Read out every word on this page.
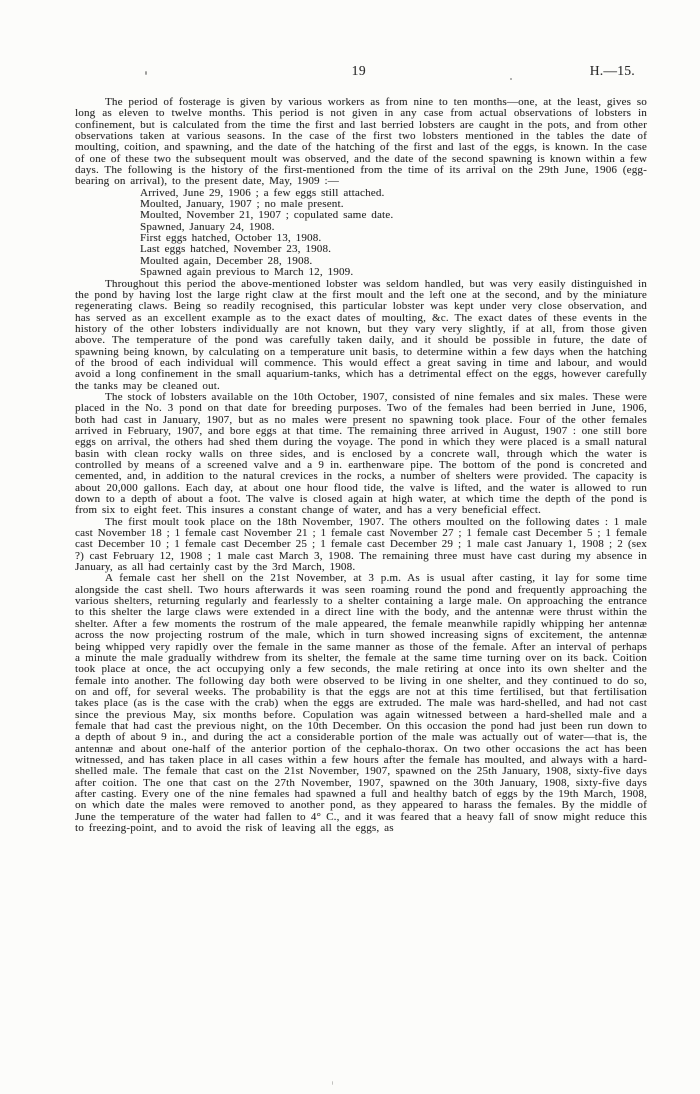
19	H.—15.

The period of fosterage is given by various workers as from nine to ten months—one, at the least, gives so long as eleven to twelve months. This period is not given in any case from actual observations of lobsters in confinement, but is calculated from the time the first and last berried lobsters are caught in the pots, and from other observations taken at various seasons. In the case of the first two lobsters mentioned in the tables the date of moulting, coition, and spawning, and the date of the hatching of the first and last of the eggs, is known. In the case of one of these two the subsequent moult was observed, and the date of the second spawning is known within a few days. The following is the history of the first-mentioned from the time of its arrival on the 29th June, 1906 (egg-bearing on arrival), to the present date, May, 1909 :—

Arrived, June 29, 1906 ; a few eggs still attached.
Moulted, January, 1907 ; no male present.
Moulted, November 21, 1907 ; copulated same date.
Spawned, January 24, 1908.
First eggs hatched, October 13, 1908.
Last eggs hatched, November 23, 1908.
Moulted again, December 28, 1908.
Spawned again previous to March 12, 1909.

Throughout this period the above-mentioned lobster was seldom handled, but was very easily distinguished in the pond by having lost the large right claw at the first moult and the left one at the second, and by the miniature regenerating claws. Being so readily recognised, this particular lobster was kept under very close observation, and has served as an excellent example as to the exact dates of moulting, &c. The exact dates of these events in the history of the other lobsters individually are not known, but they vary very slightly, if at all, from those given above. The temperature of the pond was carefully taken daily, and it should be possible in future, the date of spawning being known, by calculating on a temperature unit basis, to determine within a few days when the hatching of the brood of each individual will commence. This would effect a great saving in time and labour, and would avoid a long confinement in the small aquarium-tanks, which has a detrimental effect on the eggs, however carefully the tanks may be cleaned out.

The stock of lobsters available on the 10th October, 1907, consisted of nine females and six males. These were placed in the No. 3 pond on that date for breeding purposes. Two of the females had been berried in June, 1906, both had cast in January, 1907, but as no males were present no spawning took place. Four of the other females arrived in February, 1907, and bore eggs at that time. The remaining three arrived in August, 1907 : one still bore eggs on arrival, the others had shed them during the voyage. The pond in which they were placed is a small natural basin with clean rocky walls on three sides, and is enclosed by a concrete wall, through which the water is controlled by means of a screened valve and a 9 in. earthenware pipe. The bottom of the pond is concreted and cemented, and, in addition to the natural crevices in the rocks, a number of shelters were provided. The capacity is about 20,000 gallons. Each day, at about one hour flood tide, the valve is lifted, and the water is allowed to run down to a depth of about a foot. The valve is closed again at high water, at which time the depth of the pond is from six to eight feet. This insures a constant change of water, and has a very beneficial effect.

The first moult took place on the 18th November, 1907. The others moulted on the following dates : 1 male cast November 18 ; 1 female cast November 21 ; 1 female cast November 27 ; 1 female cast December 5 ; 1 female cast December 10 ; 1 female cast December 25 ; 1 female cast December 29 ; 1 male cast January 1, 1908 ; 2 (sex ?) cast February 12, 1908 ; 1 male cast March 3, 1908. The remaining three must have cast during my absence in January, as all had certainly cast by the 3rd March, 1908.

A female cast her shell on the 21st November, at 3 p.m. As is usual after casting, it lay for some time alongside the cast shell. Two hours afterwards it was seen roaming round the pond and frequently approaching the various shelters, returning regularly and fearlessly to a shelter containing a large male. On approaching the entrance to this shelter the large claws were extended in a direct line with the body, and the antennæ were thrust within the shelter. After a few moments the rostrum of the male appeared, the female meanwhile rapidly whipping her antennæ across the now projecting rostrum of the male, which in turn showed increasing signs of excitement, the antennæ being whipped very rapidly over the female in the same manner as those of the female. After an interval of perhaps a minute the male gradually withdrew from its shelter, the female at the same time turning over on its back. Coition took place at once, the act occupying only a few seconds, the male retiring at once into its own shelter and the female into another. The following day both were observed to be living in one shelter, and they continued to do so, on and off, for several weeks. The probability is that the eggs are not at this time fertilised, but that fertilisation takes place (as is the case with the crab) when the eggs are extruded. The male was hard-shelled, and had not cast since the previous May, six months before. Copulation was again witnessed between a hard-shelled male and a female that had cast the previous night, on the 10th December. On this occasion the pond had just been run down to a depth of about 9 in., and during the act a considerable portion of the male was actually out of water—that is, the antennæ and about one-half of the anterior portion of the cephalo-thorax. On two other occasions the act has been witnessed, and has taken place in all cases within a few hours after the female has moulted, and always with a hard-shelled male. The female that cast on the 21st November, 1907, spawned on the 25th January, 1908, sixty-five days after coition. The one that cast on the 27th November, 1907, spawned on the 30th January, 1908, sixty-five days after casting. Every one of the nine females had spawned a full and healthy batch of eggs by the 19th March, 1908, on which date the males were removed to another pond, as they appeared to harass the females. By the middle of June the temperature of the water had fallen to 4° C., and it was feared that a heavy fall of snow might reduce this to freezing-point, and to avoid the risk of leaving all the eggs, as
